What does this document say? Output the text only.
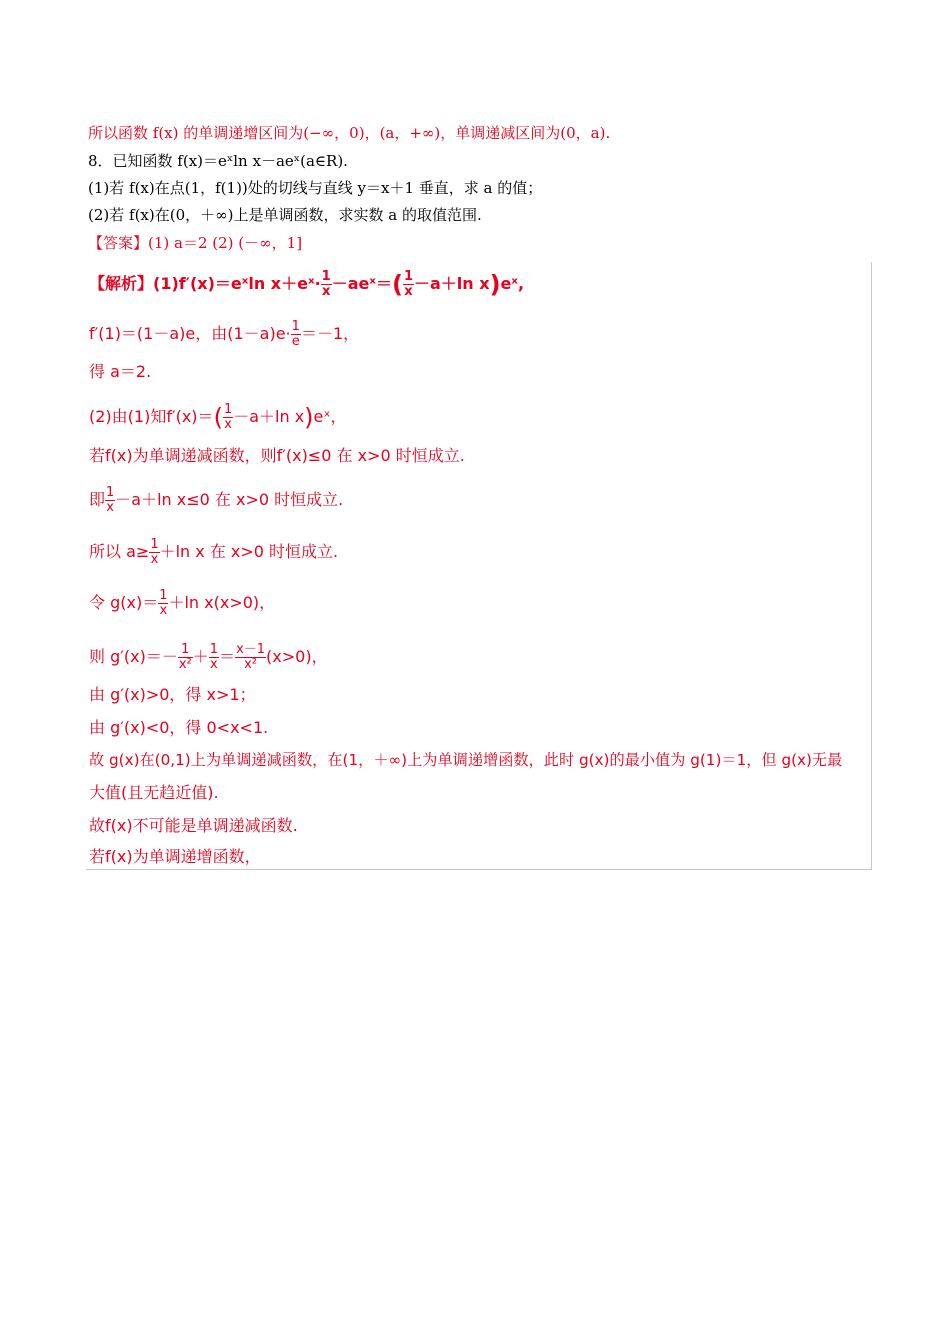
所以函数 f(x) 的单调递增区间为(−∞，0)，(a，+∞)，单调递减区间为(0，a).
8．已知函数 f(x)＝eˣln x－aeˣ(a∈R).
(1)若 f(x)在点(1，f(1))处的切线与直线 y＝x＋1 垂直，求 a 的值；
(2)若 f(x)在(0，＋∞)上是单调函数，求实数 a 的取值范围.
【答案】(1) a＝2 (2) (－∞，1]
【解析】(1)f′(x)＝eˣln x＋eˣ· $\frac{1}{x}$ －aeˣ＝( $\frac{1}{x} -a+\ln$ x)eˣ,
f′(1)＝(1－a)e，由$(1-a)e\cdot \frac{1}{e} =-1$，
得 a＝2.
(2)由(1)知$f'(x)=( \frac{1}{x} -a+\ln$ x)eˣ，
若f(x)为单调递减函数，则f′(x)≤0 在 x>0 时恒成立.
即 $\frac{1}{x} -a+\ln$ x≤0 在 x>0 时恒成立.
所以 $a\ge \frac{1}{x} +\ln$ x 在 x>0 时恒成立.
令 $g(x)= \frac{1}{x} +\ln$ x(x>0)，
则 $g'(x)=- \frac{1}{\text{x²}} + \frac{1}{x} = \frac{x-1}{\text{x²}} (x>0)$，
由 g′(x)>0，得 x>1；
由 g′(x)<0，得 0<x<1.
故 g(x)在(0,1)上为单调递减函数，在(1，＋∞)上为单调递增函数，此时 g(x)的最小值为 g(1)＝1，但 g(x)无最
大值(且无趋近值).
故f(x)不可能是单调递减函数.
若f(x)为单调递增函数，
